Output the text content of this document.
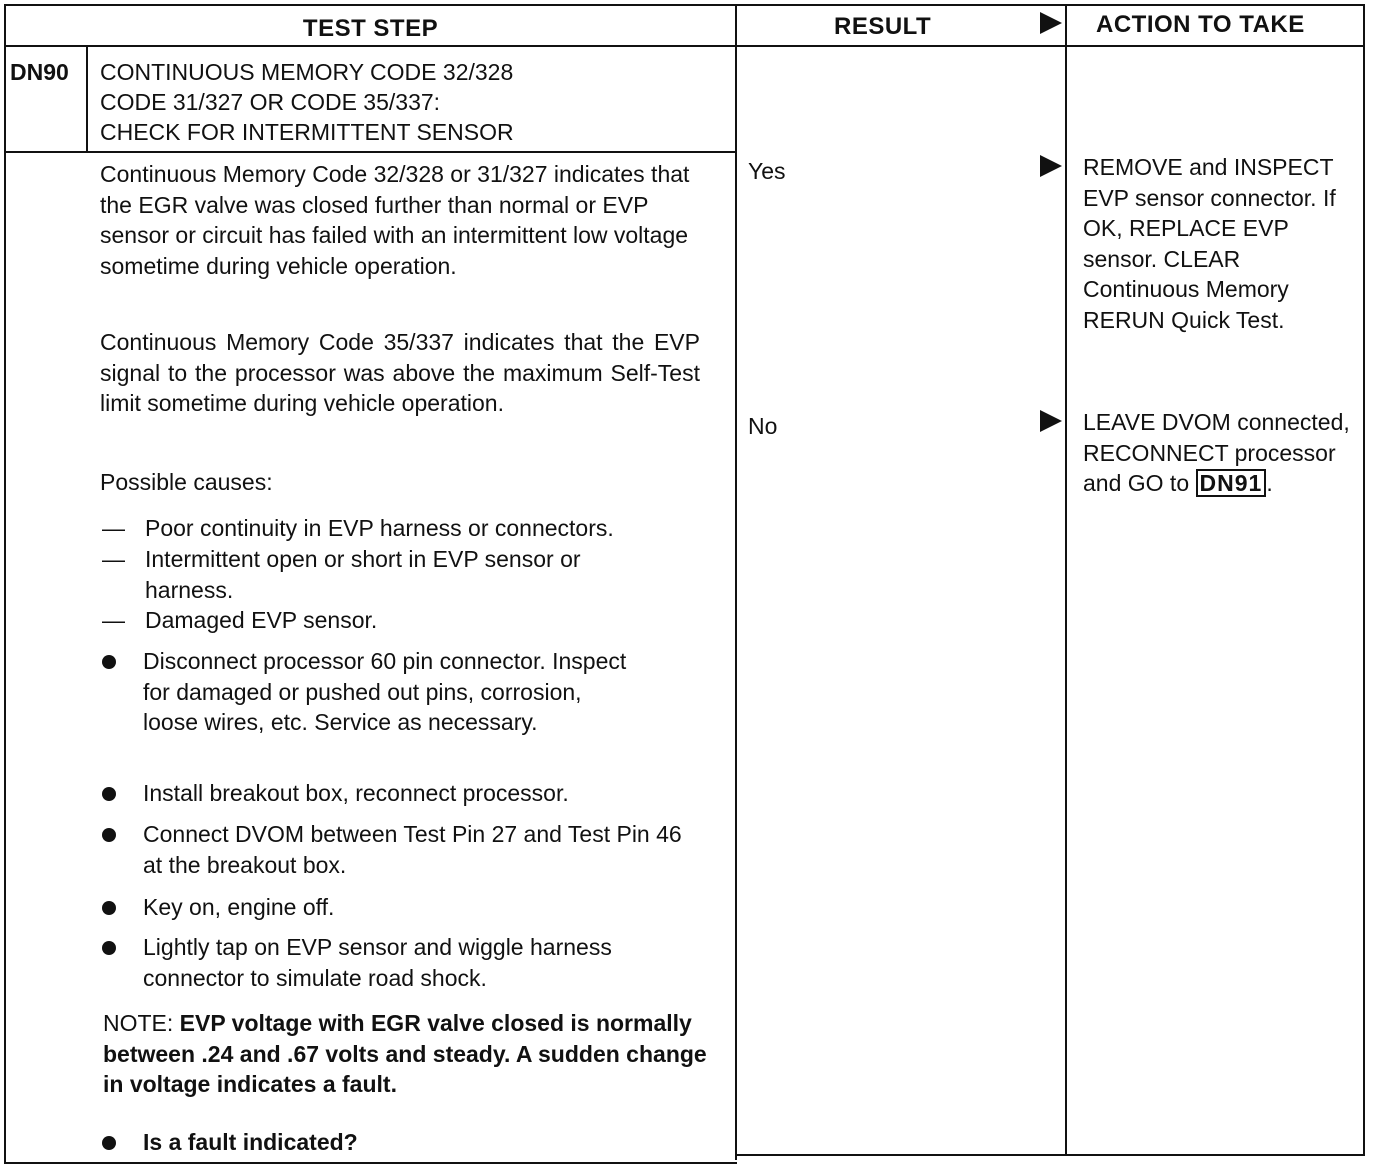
TEST STEP	RESULT	ACTION TO TAKE
DN90 CONTINUOUS MEMORY CODE 32/328

CODE 31/327 OR CODE 35/337:

CHECK FOR INTERMITTENT SENSOR

Continuous Memory Code 32/328 or 31/327 indicates that the EGR valve was closed further than normal or EVP sensor or circuit has failed with an intermittent low voltage sometime during vehicle operation.
Continuous Memory Code 35/337 indicates that the EVP signal to the processor was above the maximum Self-Test limit sometime during vehicle operation.
Possible causes:
— Poor continuity in EVP harness or connectors.
— Intermittent open or short in EVP sensor or harness.
— Damaged EVP sensor.
Disconnect processor 60 pin connector. Inspect for damaged or pushed out pins, corrosion, loose wires, etc. Service as necessary.
Install breakout box, reconnect processor.
Connect DVOM between Test Pin 27 and Test Pin 46 at the breakout box.
Key on, engine off.
Lightly tap on EVP sensor and wiggle harness connector to simulate road shock.
NOTE: EVP voltage with EGR valve closed is normally between .24 and .67 volts and steady. A sudden change in voltage indicates a fault.
Is a fault indicated?
Yes	REMOVE and INSPECT EVP sensor connector. If OK, REPLACE EVP sensor. CLEAR Continuous Memory RERUN Quick Test.
No	LEAVE DVOM connected, RECONNECT processor and GO to DN91 .
